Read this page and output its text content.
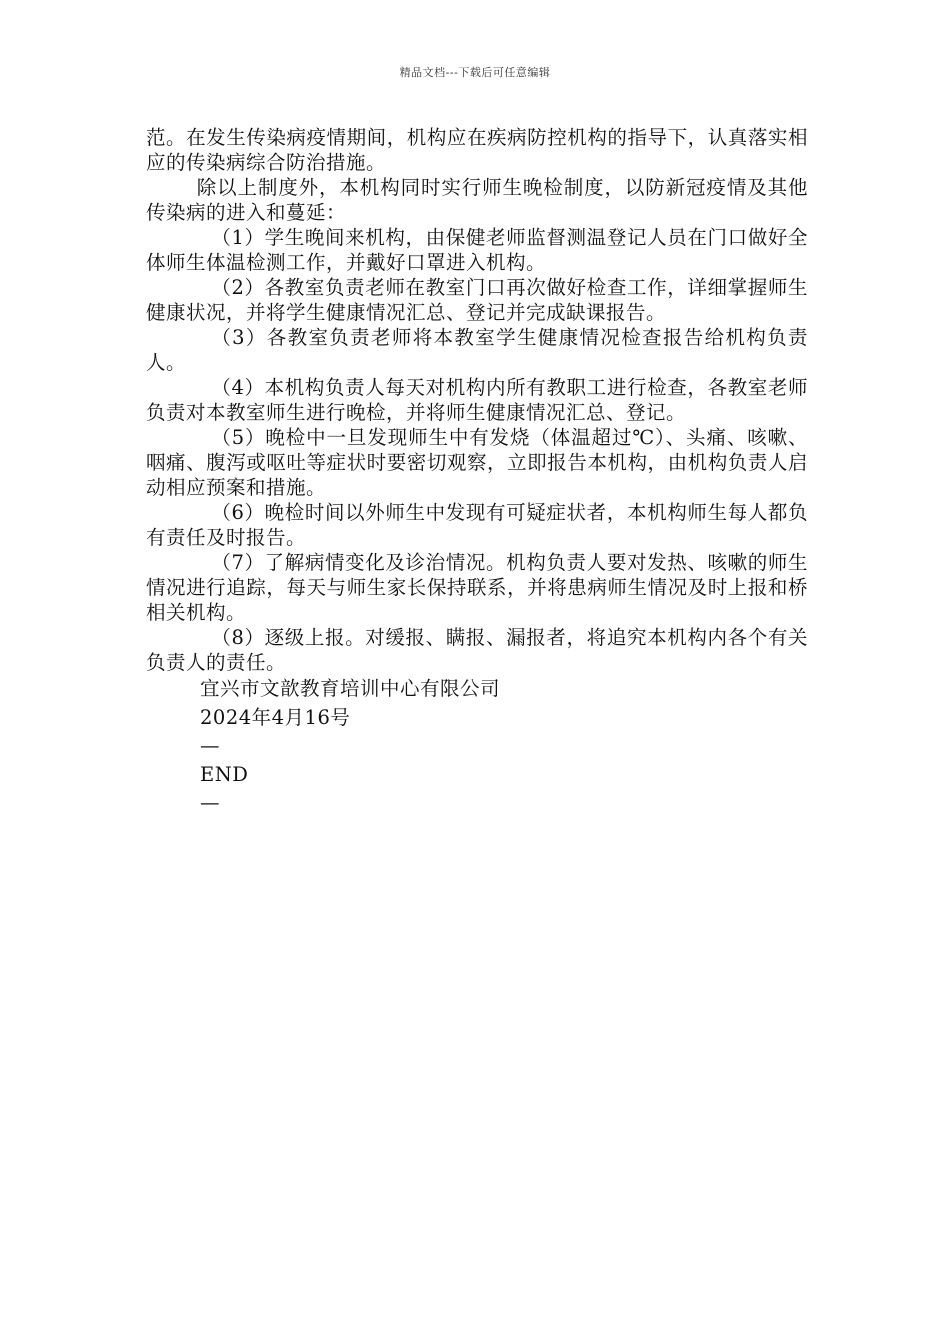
精品文档---下载后可任意编辑

范。在发生传染病疫情期间，机构应在疾病防控机构的指导下，认真落实相应的传染病综合防治措施。

除以上制度外，本机构同时实行师生晚检制度，以防新冠疫情及其他传染病的进入和蔓延：

（1）学生晚间来机构，由保健老师监督测温登记人员在门口做好全体师生体温检测工作，并戴好口罩进入机构。

（2）各教室负责老师在教室门口再次做好检查工作，详细掌握师生健康状况，并将学生健康情况汇总、登记并完成缺课报告。

（3）各教室负责老师将本教室学生健康情况检查报告给机构负责人。

（4）本机构负责人每天对机构内所有教职工进行检查，各教室老师负责对本教室师生进行晚检，并将师生健康情况汇总、登记。

（5）晚检中一旦发现师生中有发烧（体温超过℃）、头痛、咳嗽、咽痛、腹泻或呕吐等症状时要密切观察，立即报告本机构，由机构负责人启动相应预案和措施。

（6）晚检时间以外师生中发现有可疑症状者，本机构师生每人都负有责任及时报告。

（7）了解病情变化及诊治情况。机构负责人要对发热、咳嗽的师生情况进行追踪，每天与师生家长保持联系，并将患病师生情况及时上报和桥相关机构。

（8）逐级上报。对缓报、瞒报、漏报者，将追究本机构内各个有关负责人的责任。

宜兴市文歆教育培训中心有限公司

2024年4月16号

—

END

—
